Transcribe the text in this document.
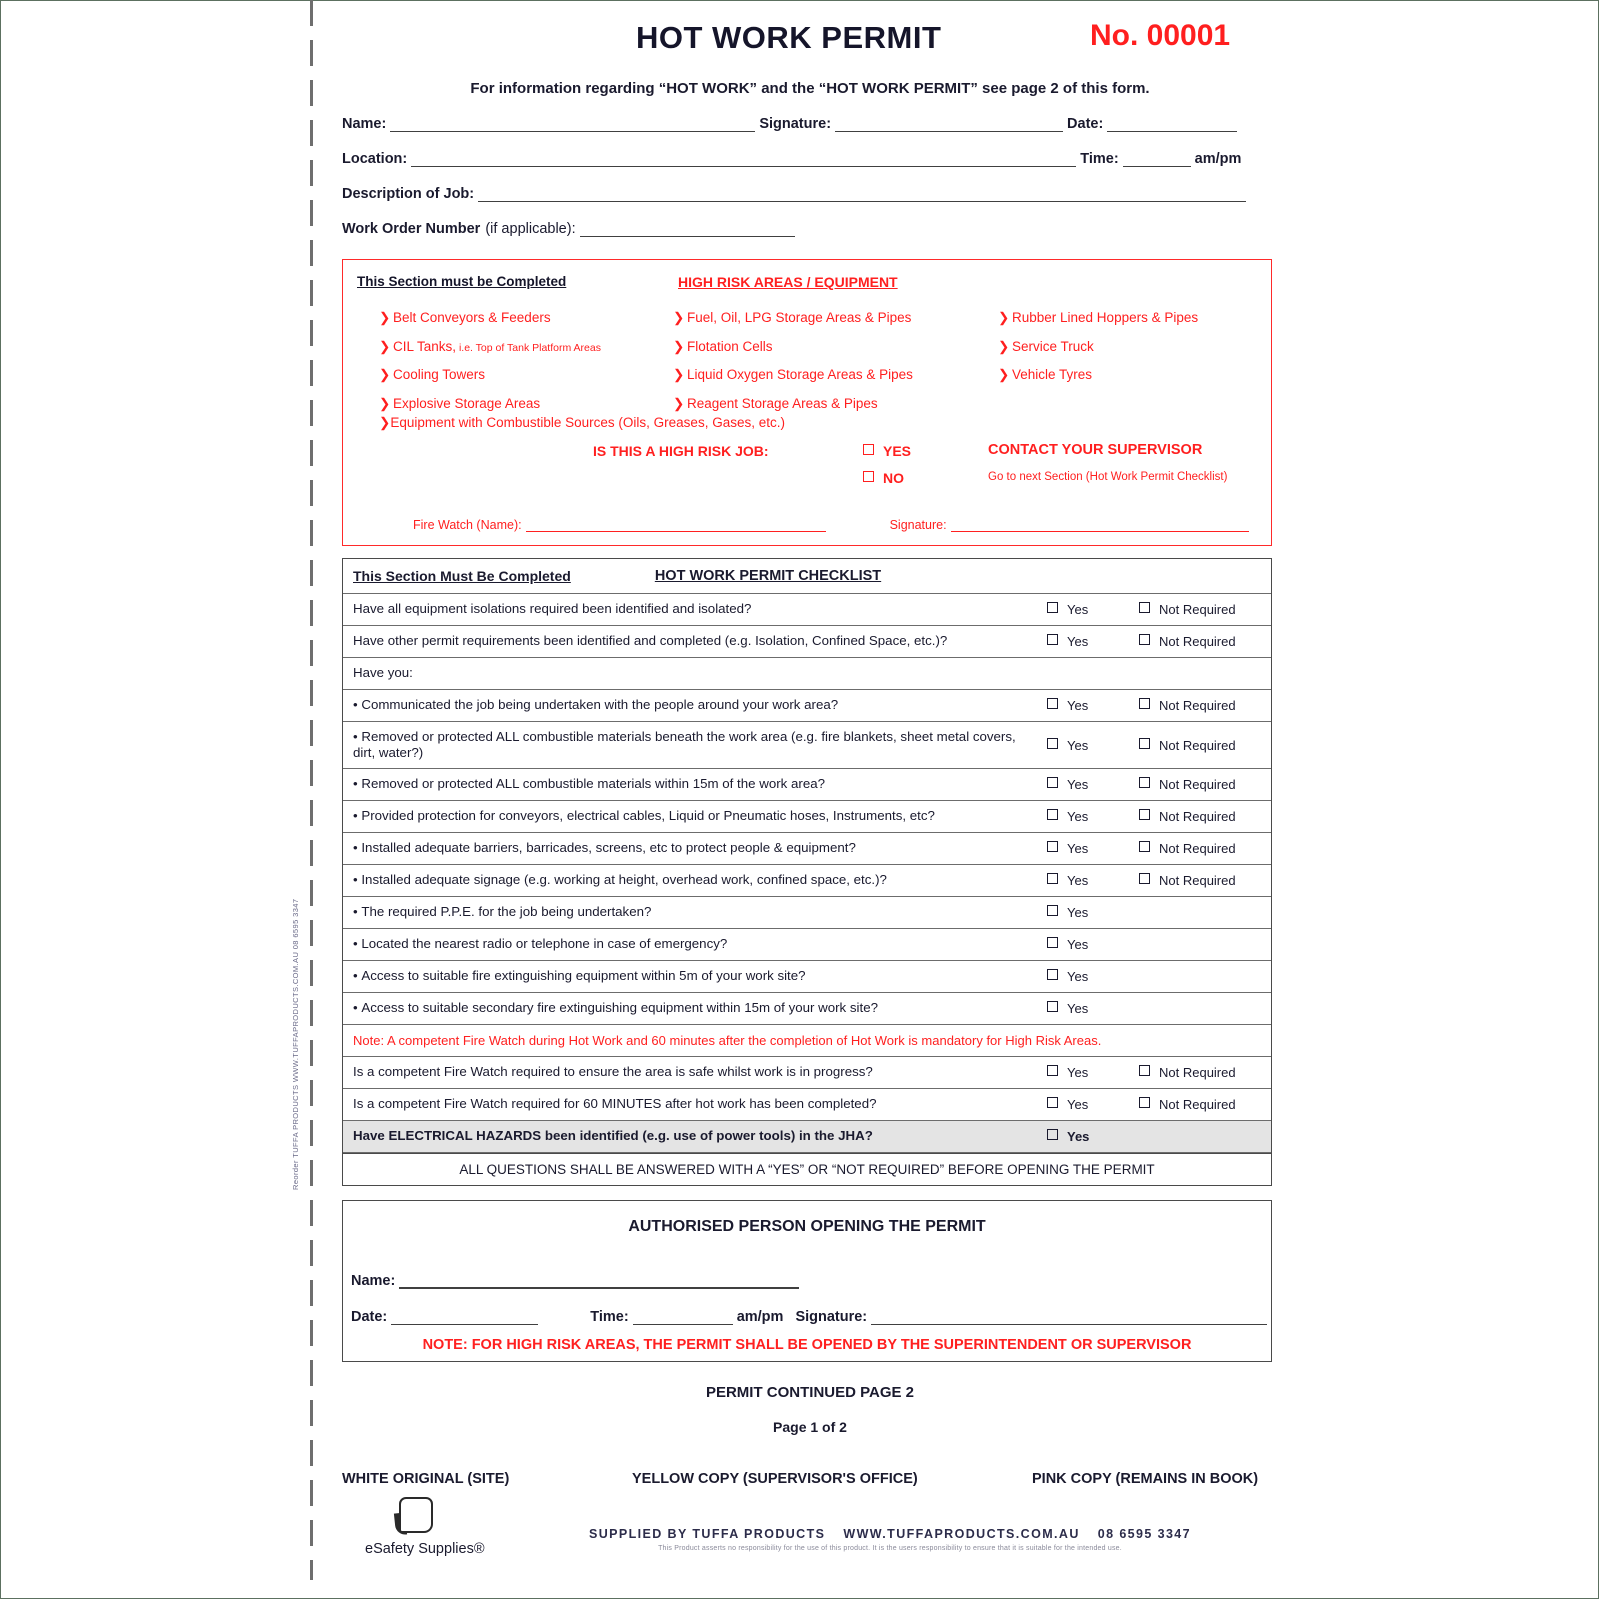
HOT WORK PERMIT	No. 00001
For information regarding “HOT WORK” and the “HOT WORK PERMIT” see page 2 of this form.
Name:	Signature:	Date:
Location:	Time:	am/pm
Description of Job:
Work Order Number (if applicable):
This Section must be Completed	HIGH RISK AREAS / EQUIPMENT
❯ Belt Conveyors & Feeders
❯ CIL Tanks, i.e. Top of Tank Platform Areas
❯ Cooling Towers
❯ Explosive Storage Areas
❯ Fuel, Oil, LPG Storage Areas & Pipes
❯ Flotation Cells
❯ Liquid Oxygen Storage Areas & Pipes
❯ Reagent Storage Areas & Pipes
❯ Rubber Lined Hoppers & Pipes
❯ Service Truck
❯ Vehicle Tyres
❯Equipment with Combustible Sources (Oils, Greases, Gases, etc.)
IS THIS A HIGH RISK JOB:	YES
NO
CONTACT YOUR SUPERVISOR
Go to next Section (Hot Work Permit Checklist)
Fire Watch (Name):	Signature:
This Section Must Be Completed	HOT WORK PERMIT CHECKLIST
Have all equipment isolations required been identified and isolated?	Yes	Not Required
Have other permit requirements been identified and completed (e.g. Isolation, Confined Space, etc.)?	Yes	Not Required
Have you:
• Communicated the job being undertaken with the people around your work area?	Yes	Not Required
• Removed or protected ALL combustible materials beneath the work area (e.g. fire blankets, sheet metal covers, dirt, water?)	Yes	Not Required
• Removed or protected ALL combustible materials within 15m of the work area?	Yes	Not Required
• Provided protection for conveyors, electrical cables, Liquid or Pneumatic hoses, Instruments, etc?	Yes	Not Required
• Installed adequate barriers, barricades, screens, etc to protect people & equipment?	Yes	Not Required
• Installed adequate signage (e.g. working at height, overhead work, confined space, etc.)?	Yes	Not Required
• The required P.P.E. for the job being undertaken?	Yes
• Located the nearest radio or telephone in case of emergency?	Yes
• Access to suitable fire extinguishing equipment within 5m of your work site?	Yes
• Access to suitable secondary fire extinguishing equipment within 15m of your work site?	Yes
Note: A competent Fire Watch during Hot Work and 60 minutes after the completion of Hot Work is mandatory for High Risk Areas.
Is a competent Fire Watch required to ensure the area is safe whilst work is in progress?	Yes	Not Required
Is a competent Fire Watch required for 60 MINUTES after hot work has been completed?	Yes	Not Required
Have ELECTRICAL HAZARDS been identified (e.g. use of power tools) in the JHA?	Yes
ALL QUESTIONS SHALL BE ANSWERED WITH A “YES” OR “NOT REQUIRED” BEFORE OPENING THE PERMIT
AUTHORISED PERSON OPENING THE PERMIT
Name:
Date:	Time:	am/pm Signature:
NOTE: FOR HIGH RISK AREAS, THE PERMIT SHALL BE OPENED BY THE SUPERINTENDENT OR SUPERVISOR
PERMIT CONTINUED PAGE 2
Page 1 of 2
WHITE ORIGINAL (SITE)	YELLOW COPY (SUPERVISOR'S OFFICE)	PINK COPY (REMAINS IN BOOK)
eSafety Supplies®
SUPPLIED BY TUFFA PRODUCTS WWW.TUFFAPRODUCTS.COM.AU 08 6595 3347
This Product asserts no responsibility for the use of this product. It is the users responsibility to ensure that it is suitable for the intended use.
Reorder TUFFA PRODUCTS WWW.TUFFAPRODUCTS.COM.AU 08 6595 3347
